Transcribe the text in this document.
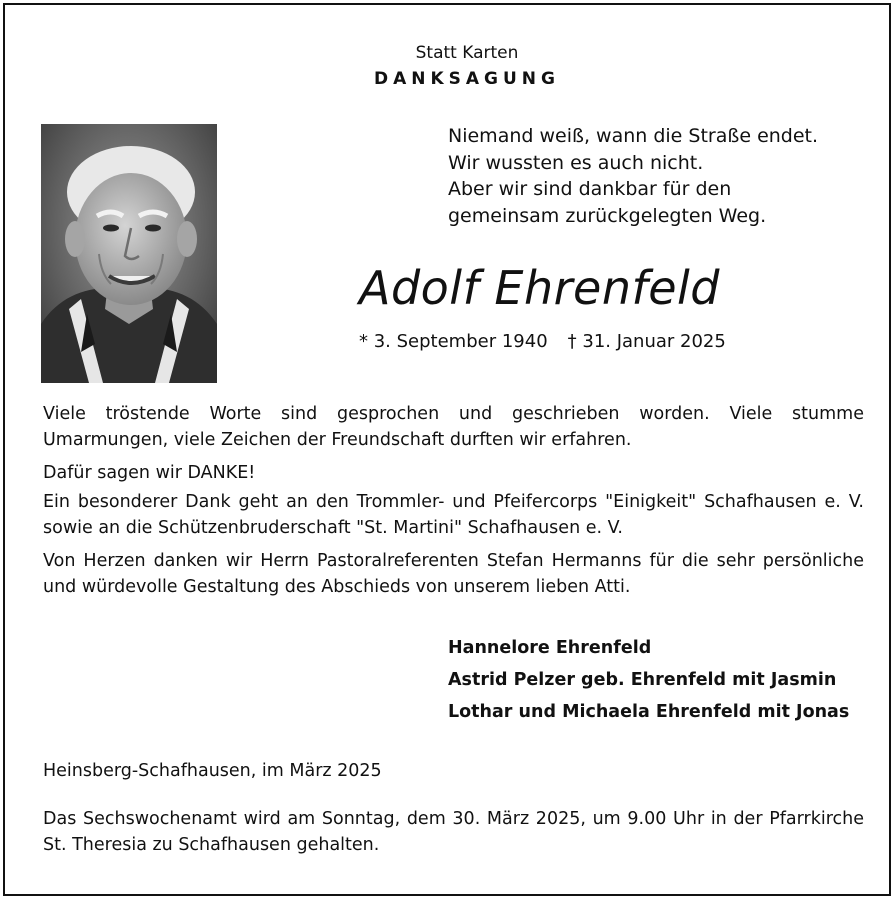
Statt Karten
DANKSAGUNG
Niemand weiß, wann die Straße endet.
Wir wussten es auch nicht.
Aber wir sind dankbar für den
gemeinsam zurückgelegten Weg.
Adolf Ehrenfeld
* 3. September 1940 † 31. Januar 2025
Viele tröstende Worte sind gesprochen und geschrieben worden. Viele stumme Umarmungen, viele Zeichen der Freundschaft durften wir erfahren.
Dafür sagen wir DANKE!
Ein besonderer Dank geht an den Trommler- und Pfeifercorps "Einigkeit" Schafhausen e. V. sowie an die Schützenbruderschaft "St. Martini" Schafhausen e. V.
Von Herzen danken wir Herrn Pastoralreferenten Stefan Hermanns für die sehr persönliche und würdevolle Gestaltung des Abschieds von unserem lieben Atti.
Hannelore Ehrenfeld
Astrid Pelzer geb. Ehrenfeld mit Jasmin
Lothar und Michaela Ehrenfeld mit Jonas
Heinsberg-Schafhausen, im März 2025
Das Sechswochenamt wird am Sonntag, dem 30. März 2025, um 9.00 Uhr in der Pfarrkirche St. Theresia zu Schafhausen gehalten.
